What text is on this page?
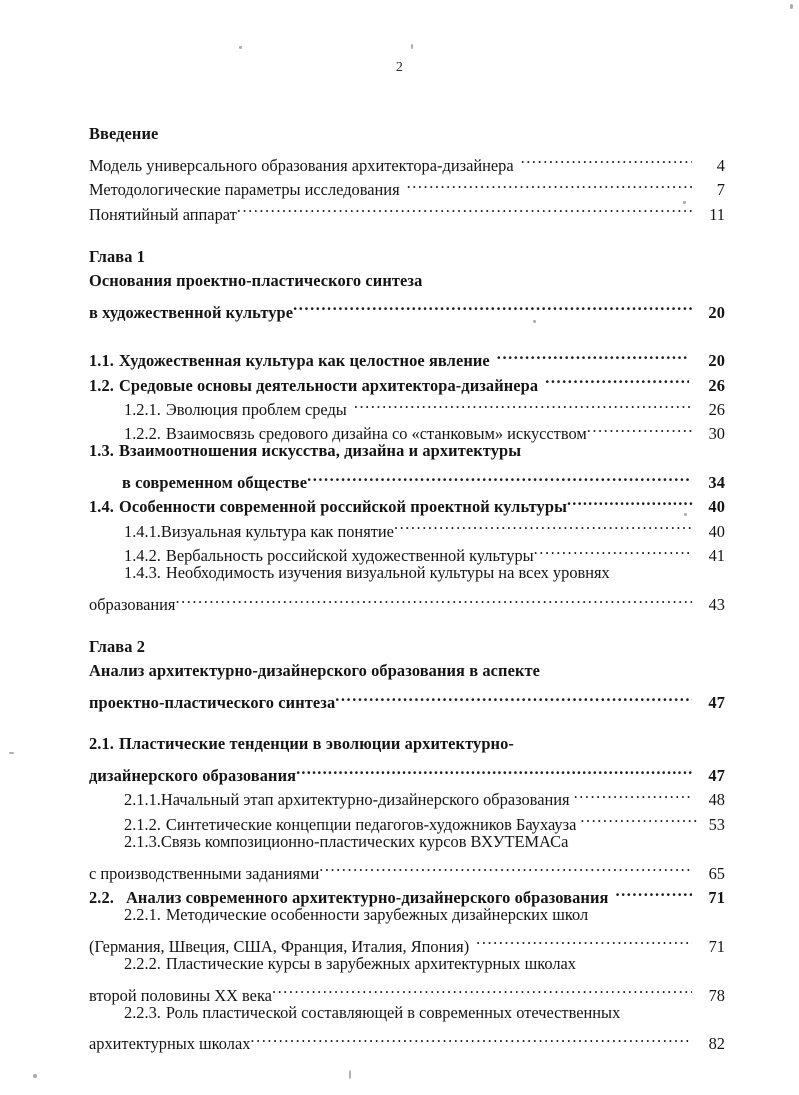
2
Введение
Модель универсального образования архитектора-дизайнера .....	4
Методологические параметры исследования .....	7
Понятийный аппарат .....	11
Глава 1
Основания проектно-пластического синтеза
в художественной культуре .....	20
1.1. Художественная культура как целостное явление .....	20
1.2. Средовые основы деятельности архитектора-дизайнера .....	26
1.2.1. Эволюция проблем среды .....	26
1.2.2. Взаимосвязь средового дизайна со «станковым» искусством .....	30
1.3. Взаимоотношения искусства, дизайна и архитектуры
в современном обществе .....	34
1.4. Особенности современной российской проектной культуры .....	40
1.4.1. Визуальная культура как понятие .....	40
1.4.2. Вербальность российской художественной культуры .....	41
1.4.3. Необходимость изучения визуальной культуры на всех уровнях
образования .....	43
Глава 2
Анализ архитектурно-дизайнерского образования в аспекте
проектно-пластического синтеза .....	47
2.1. Пластические тенденции в эволюции архитектурно-
дизайнерского образования .....	47
2.1.1. Начальный этап архитектурно-дизайнерского образования .....	48
2.1.2. Синтетические концепции педагогов-художников Баухауза .....	53
2.1.3.Связь композиционно-пластических курсов ВХУТЕМАСа
с производственными заданиями .....	65
2.2. Анализ современного архитектурно-дизайнерского образования .....	71
2.2.1. Методические особенности зарубежных дизайнерских школ
(Германия, Швеция, США, Франция, Италия, Япония) .....	71
2.2.2. Пластические курсы в зарубежных архитектурных школах
второй половины XX века .....	78
2.2.3. Роль пластической составляющей в современных отечественных
архитектурных школах .....	82
